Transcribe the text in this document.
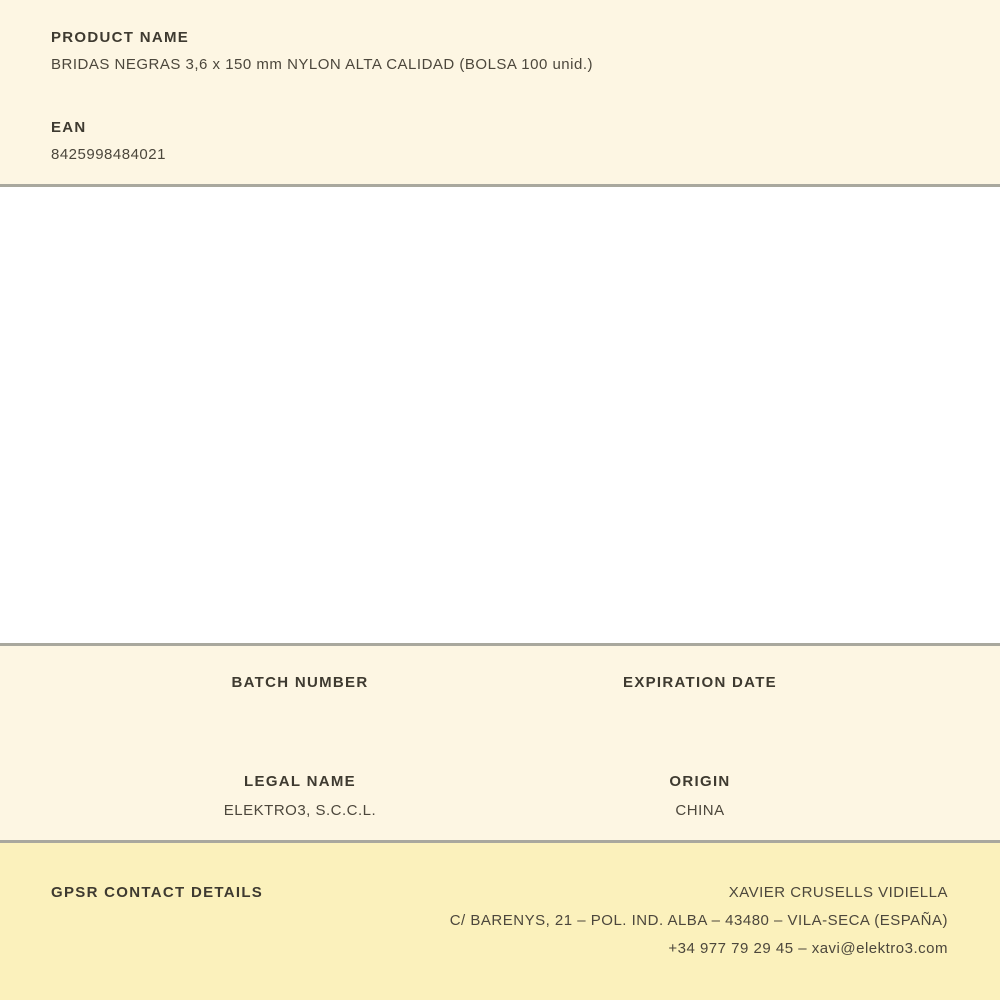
PRODUCT NAME
BRIDAS NEGRAS 3,6 x 150 mm NYLON ALTA CALIDAD (BOLSA 100 unid.)
EAN
8425998484021
BATCH NUMBER	EXPIRATION DATE
LEGAL NAME
ELEKTRO3, S.C.C.L.
ORIGIN
CHINA
GPSR CONTACT DETAILS	XAVIER CRUSELLS VIDIELLA
C/ BARENYS, 21 – POL. IND. ALBA – 43480 – VILA-SECA (ESPAÑA)
+34 977 79 29 45 – xavi@elektro3.com
